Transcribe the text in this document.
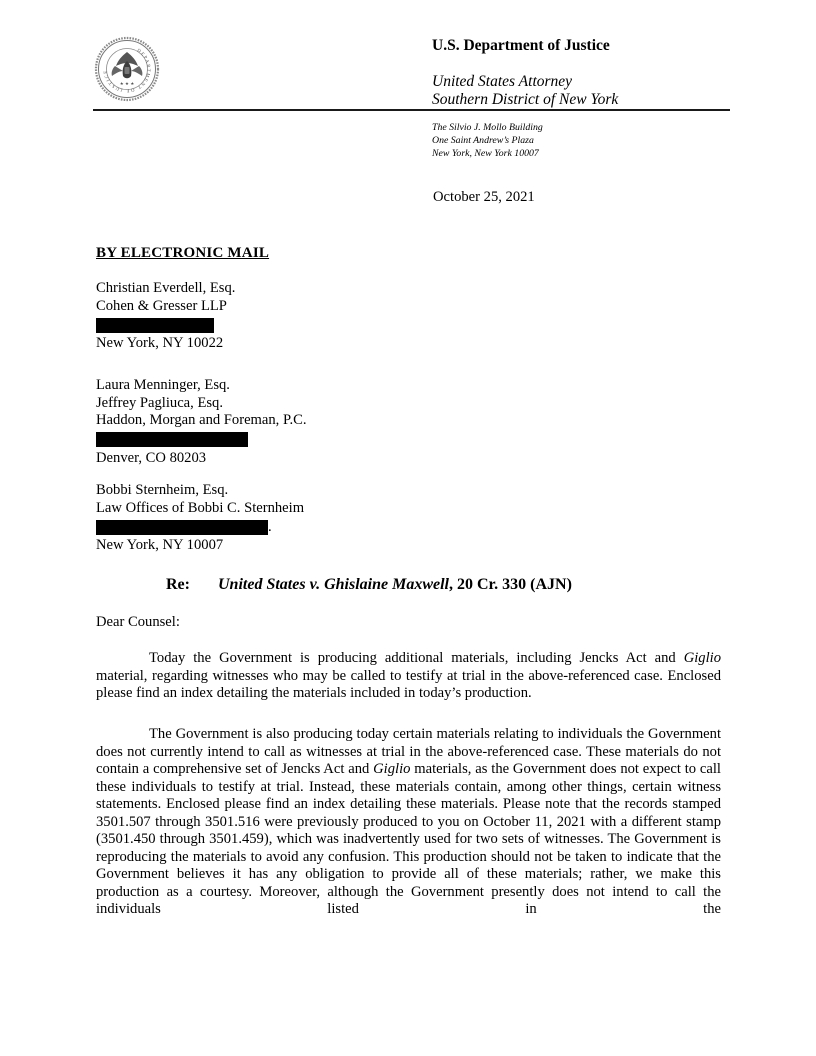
DEPARTMENT OF JUSTICE
★ ★ ★
U.S. Department of Justice
United States Attorney
Southern District of New York
The Silvio J. Mollo Building
One Saint Andrew’s Plaza
New York, New York 10007
October 25, 2021
BY ELECTRONIC MAIL
Christian Everdell, Esq.
Cohen & Gresser LLP
New York, NY 10022
Laura Menninger, Esq.
Jeffrey Pagliuca, Esq.
Haddon, Morgan and Foreman, P.C.
Denver, CO 80203
Bobbi Sternheim, Esq.
Law Offices of Bobbi C. Sternheim
.
New York, NY 10007
Re: United States v. Ghislaine Maxwell, 20 Cr. 330 (AJN)
Dear Counsel:

Today the Government is producing additional materials, including Jencks Act and Giglio material, regarding witnesses who may be called to testify at trial in the above-referenced case. Enclosed please find an index detailing the materials included in today’s production.

The Government is also producing today certain materials relating to individuals the Government does not currently intend to call as witnesses at trial in the above-referenced case. These materials do not contain a comprehensive set of Jencks Act and Giglio materials, as the Government does not expect to call these individuals to testify at trial. Instead, these materials contain, among other things, certain witness statements. Enclosed please find an index detailing these materials. Please note that the records stamped 3501.507 through 3501.516 were previously produced to you on October 11, 2021 with a different stamp (3501.450 through 3501.459), which was inadvertently used for two sets of witnesses. The Government is reproducing the materials to avoid any confusion. This production should not be taken to indicate that the Government believes it has any obligation to provide all of these materials; rather, we make this production as a courtesy. Moreover, although the Government presently does not intend to call the individuals listed in the
